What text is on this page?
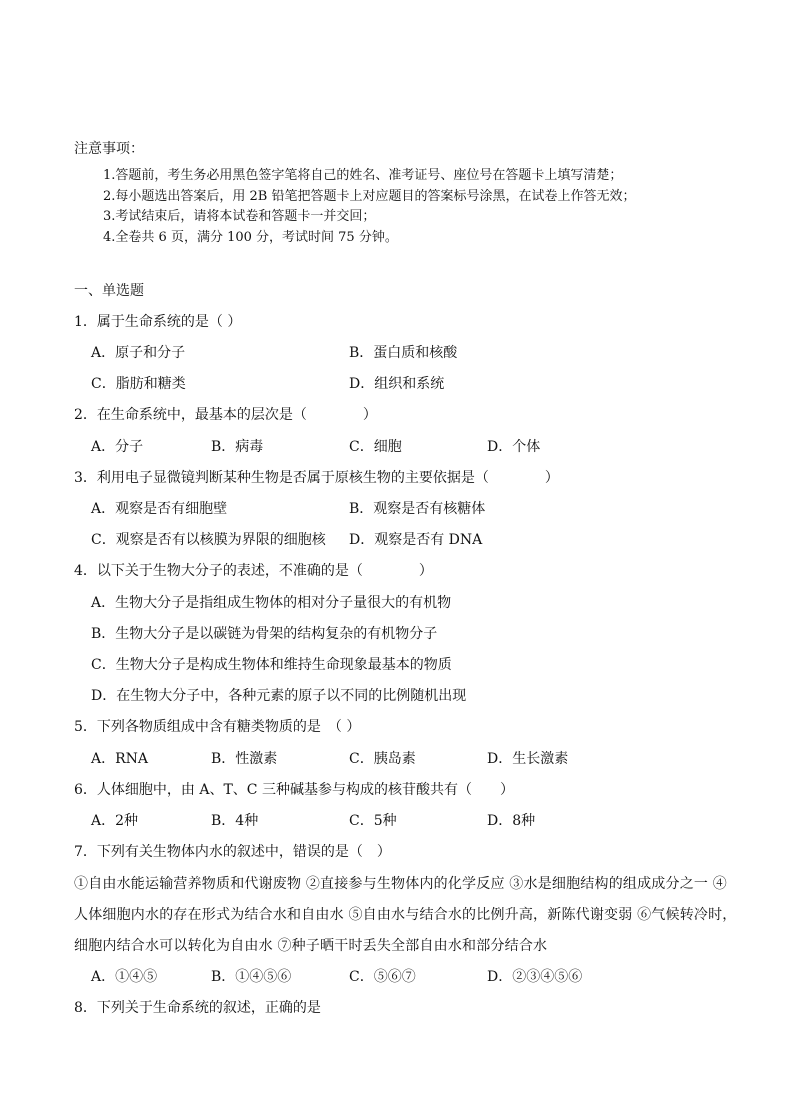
注意事项：
1.答题前，考生务必用黑色签字笔将自己的姓名、准考证号、座位号在答题卡上填写清楚；
2.每小题选出答案后，用 2B 铅笔把答题卡上对应题目的答案标号涂黑，在试卷上作答无效；
3.考试结束后，请将本试卷和答题卡一并交回；
4.全卷共 6 页，满分 100 分，考试时间 75 分钟。
一、单选题
1．属于生命系统的是（ ）
A．原子和分子	B．蛋白质和核酸
C．脂肪和糖类	D．组织和系统
2．在生命系统中，最基本的层次是（　　　　）
A．分子	B．病毒	C．细胞	D．个体
3．利用电子显微镜判断某种生物是否属于原核生物的主要依据是（　　　　）
A．观察是否有细胞壁	B．观察是否有核糖体
C．观察是否有以核膜为界限的细胞核 D．观察是否有 DNA
4．以下关于生物大分子的表述，不准确的是（　　　　）
A．生物大分子是指组成生物体的相对分子量很大的有机物
B．生物大分子是以碳链为骨架的结构复杂的有机物分子
C．生物大分子是构成生物体和维持生命现象最基本的物质
D．在生物大分子中，各种元素的原子以不同的比例随机出现
5．下列各物质组成中含有糖类物质的是　（ ）
A．RNA	B．性激素	C．胰岛素	D．生长激素
6．人体细胞中，由 A、T、C 三种碱基参与构成的核苷酸共有（　　）
A．2种	B．4种	C．5种	D．8种
7．下列有关生物体内水的叙述中，错误的是（　）
①自由水能运输营养物质和代谢废物 ②直接参与生物体内的化学反应 ③水是细胞结构的组成成分之一 ④
人体细胞内水的存在形式为结合水和自由水 ⑤自由水与结合水的比例升高，新陈代谢变弱 ⑥气候转冷时，
细胞内结合水可以转化为自由水 ⑦种子晒干时丢失全部自由水和部分结合水
A．①④⑤	B．①④⑤⑥	C．⑤⑥⑦	D．②③④⑤⑥
8．下列关于生命系统的叙述，正确的是
